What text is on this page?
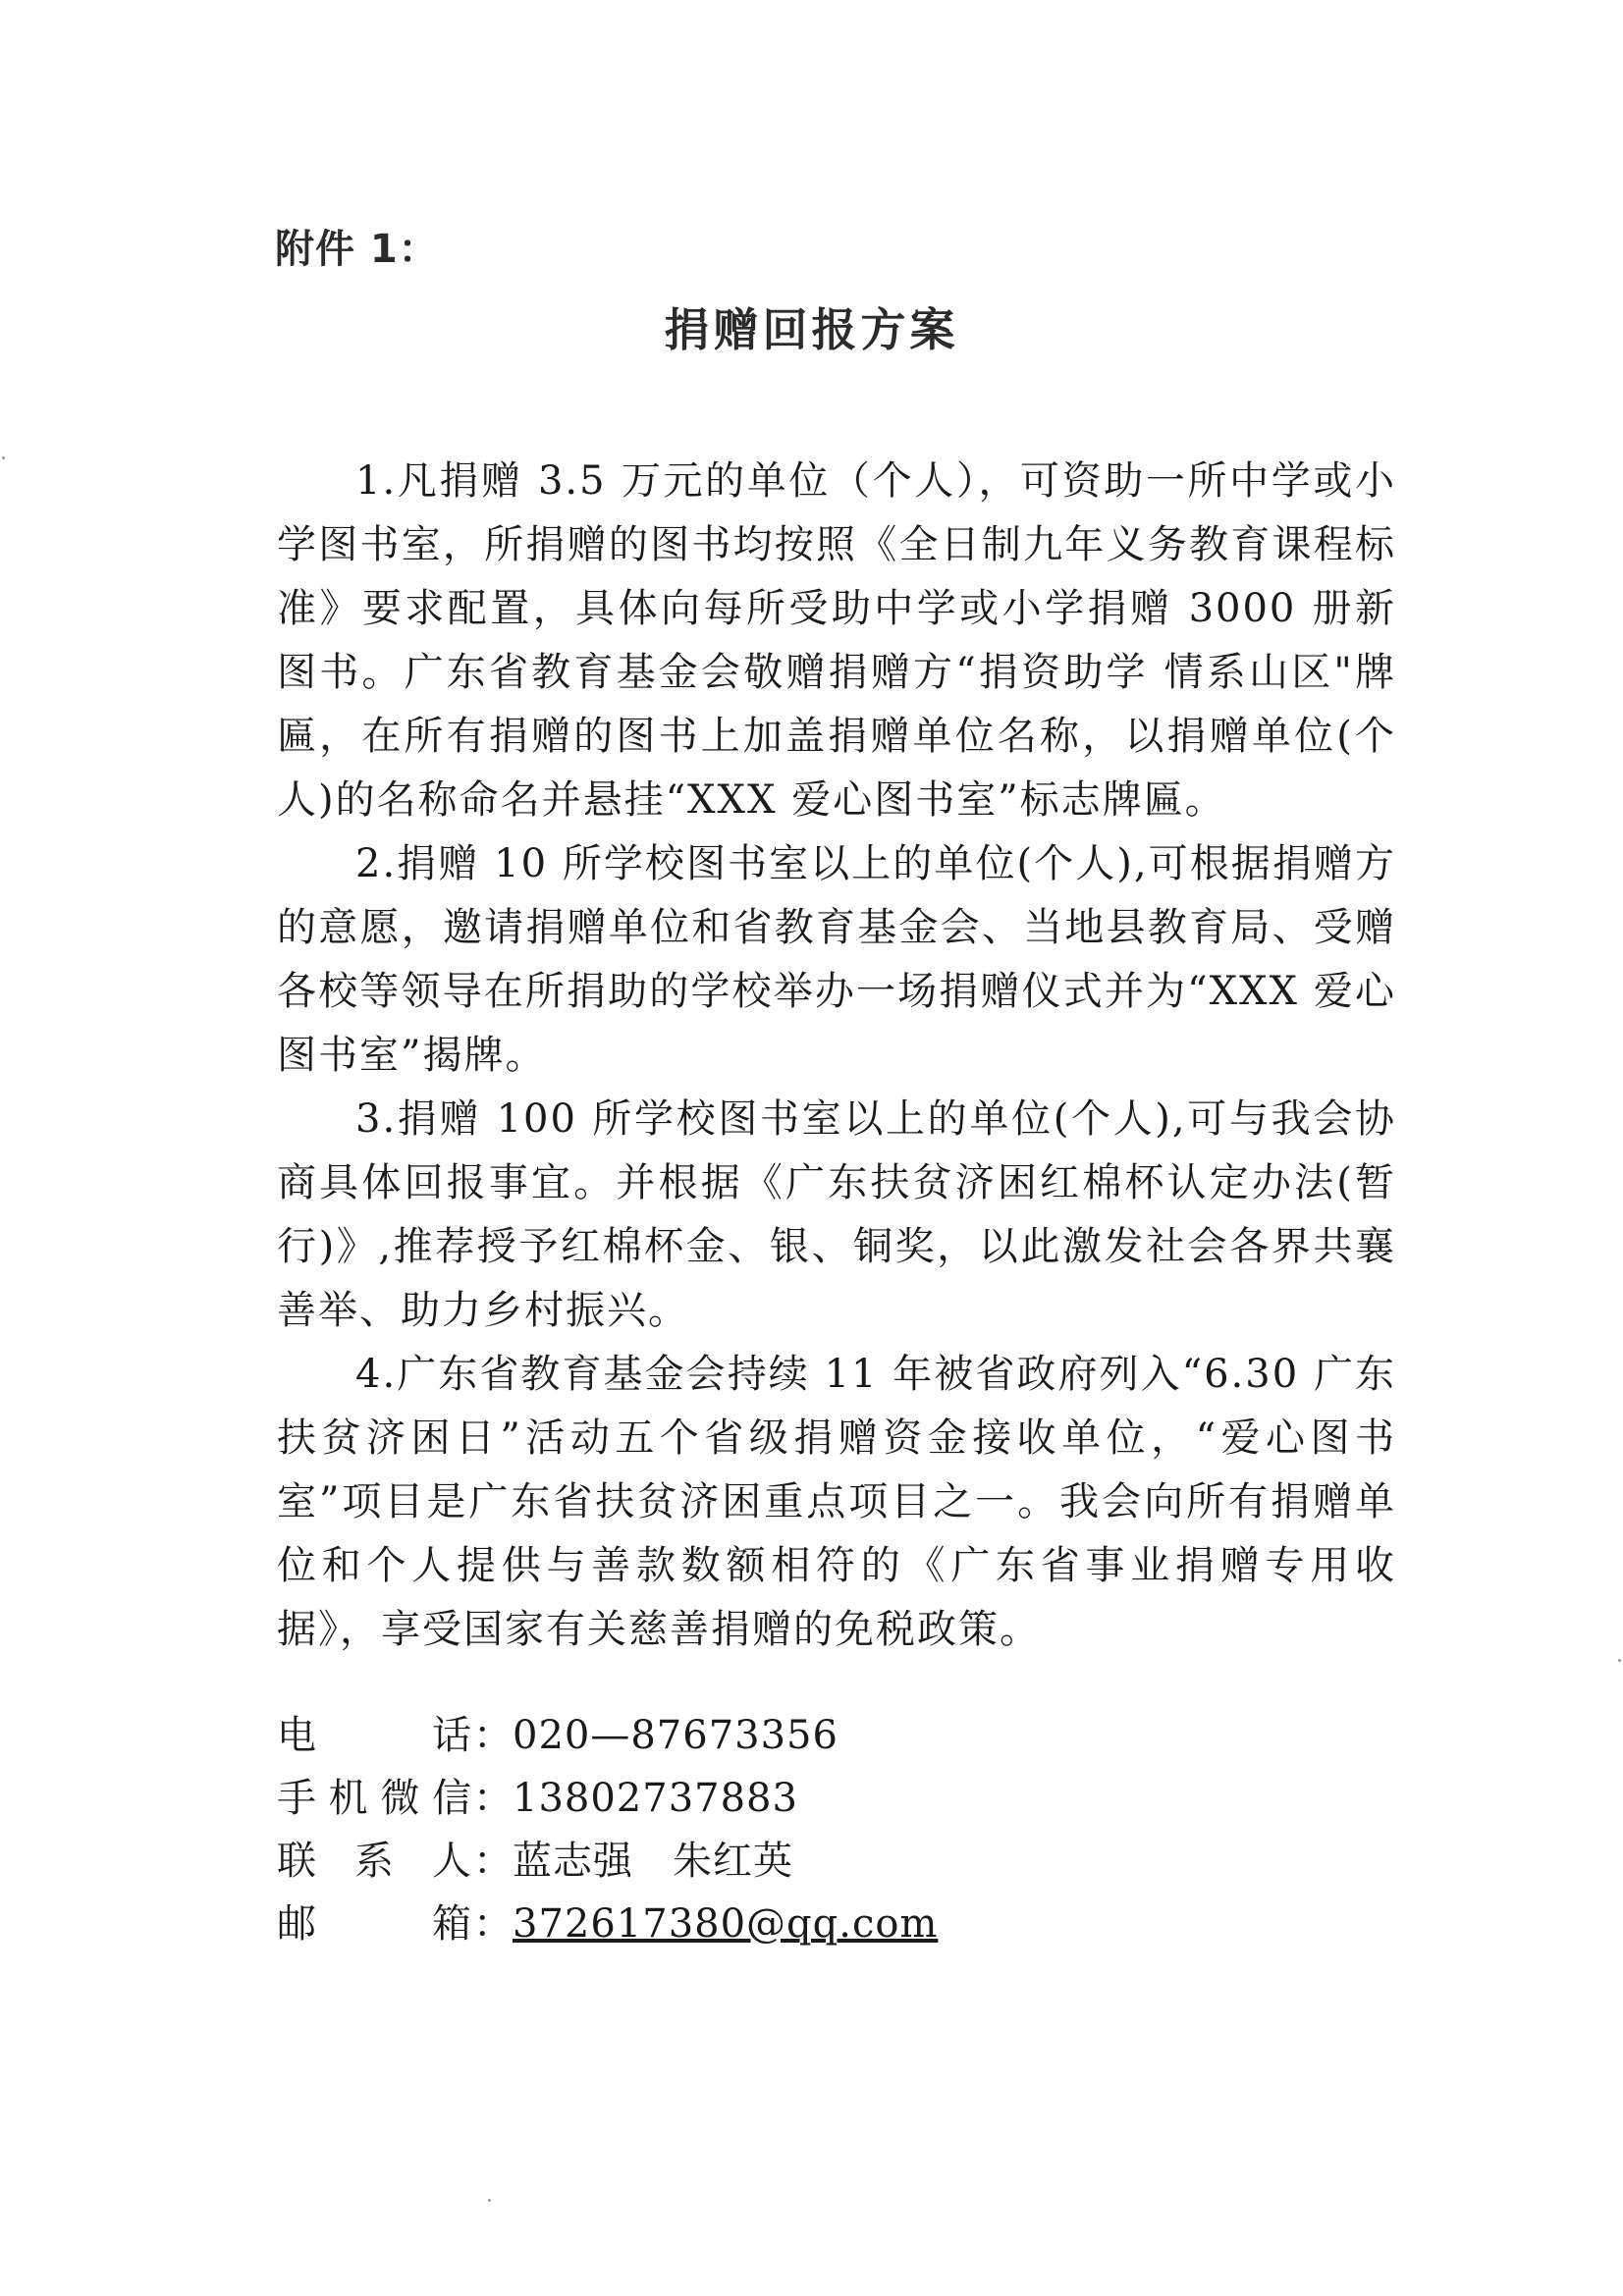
附件 1：
捐赠回报方案

1.凡捐赠 3.5 万元的单位（个人），可资助一所中学或小学图书室，所捐赠的图书均按照《全日制九年义务教育课程标准》要求配置，具体向每所受助中学或小学捐赠 3000 册新图书。广东省教育基金会敬赠捐赠方“捐资助学 情系山区"牌匾，在所有捐赠的图书上加盖捐赠单位名称，以捐赠单位(个人)的名称命名并悬挂“XXX 爱心图书室”标志牌匾。

2.捐赠 10 所学校图书室以上的单位(个人),可根据捐赠方的意愿，邀请捐赠单位和省教育基金会、当地县教育局、受赠各校等领导在所捐助的学校举办一场捐赠仪式并为“XXX 爱心图书室”揭牌。

3.捐赠 100 所学校图书室以上的单位(个人),可与我会协商具体回报事宜。并根据《广东扶贫济困红棉杯认定办法(暂行)》,推荐授予红棉杯金、银、铜奖，以此激发社会各界共襄善举、助力乡村振兴。

4.广东省教育基金会持续 11 年被省政府列入“6.30 广东扶贫济困日”活动五个省级捐赠资金接收单位，“爱心图书室”项目是广东省扶贫济困重点项目之一。我会向所有捐赠单位和个人提供与善款数额相符的《广东省事业捐赠专用收据》，享受国家有关慈善捐赠的免税政策。

电话 ： 020—87673356
手机微信 ： 13802737883
联系人 ： 蓝志强 朱红英
邮箱 ： 372617380@qq.com
